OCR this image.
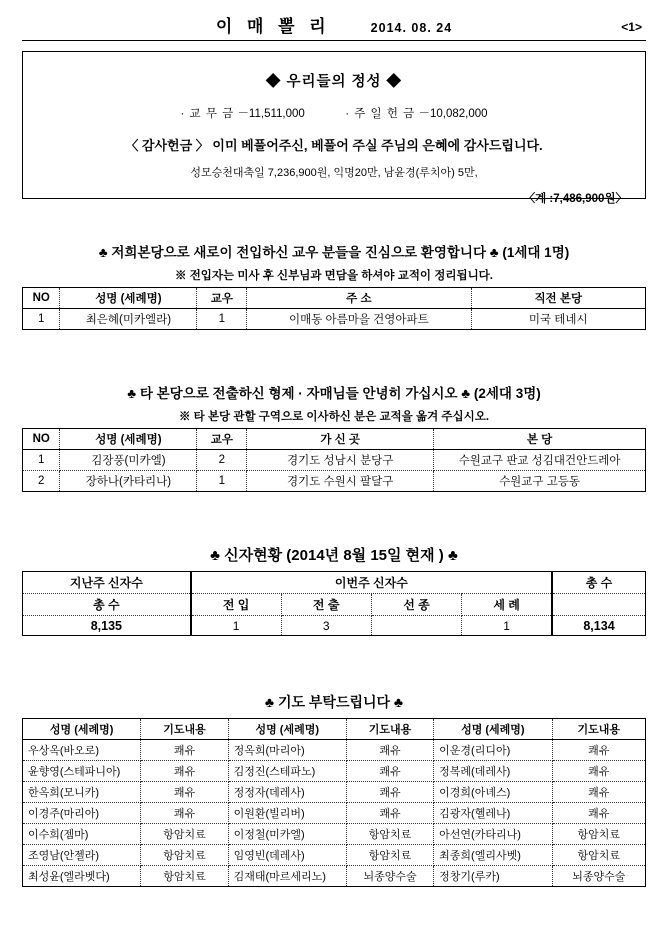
이 매 뽈 리	2014. 08. 24	<1>
◆ 우리들의 정성 ◆
· 교 무 금 －11,511,000	· 주 일 헌 금 －10,082,000
〈 감사헌금 〉 이미 베풀어주신, 베풀어 주실 주님의 은혜에 감사드립니다.
성모승천대축일 7,236,900원, 익명20만, 남윤경(루치아) 5만,
〈계 :7,486,900원〉
♣ 저희본당으로 새로이 전입하신 교우 분들을 진심으로 환영합니다 ♣ (1세대 1명)
※ 전입자는 미사 후 신부님과 면담을 하셔야 교적이 정리됩니다.
NO	성명 (세례명)	교우	주 소	직전 본당
1	최은혜(미카엘라)	1	이매동 아름마을 건영아파트	미국 테네시
♣ 타 본당으로 전출하신 형제 · 자매님들 안녕히 가십시오 ♣ (2세대 3명)
※ 타 본당 관할 구역으로 이사하신 분은 교적을 옮겨 주십시오.
NO	성명 (세례명)	교우	가 신 곳	본 당
1	김장풍(미카엘)	2	경기도 성남시 분당구	수원교구 판교 성김대건안드레아
2	장하나(카타리나)	1	경기도 수원시 팔달구	수원교구 고등동
♣ 신자현황 (2014년 8월 15일 현재 ) ♣
지난주 신자수	이번주 신자수				총 수
총 수	전 입	전 출	선 종	세 례	
8,135	1	3		1	8,134
♣ 기도 부탁드립니다 ♣
성명 (세례명)	기도내용	성명 (세례명)	기도내용	성명 (세례명)	기도내용
우상옥(바오로)	쾌유	정옥희(마리아)	쾌유	이운경(리디아)	쾌유
윤향영(스테파니아)	쾌유	김정진(스테파노)	쾌유	정복례(데레사)	쾌유
한옥희(모니카)	쾌유	정정자(데레사)	쾌유	이경희(아녜스)	쾌유
이경주(마리아)	쾌유	이원환(빌리버)	쾌유	김광자(헬레나)	쾌유
이수희(젬마)	항암치료	이정철(미카엘)	항암치료	아선연(카타리나)	항암치료
조영남(안젤라)	항암치료	임영빈(데레사)	항암치료	최종희(엘리사벳)	항암치료
최성윤(엘라벳다)	항암치료	김재태(마르세리노)	뇌종양수술	정창기(루카)	뇌종양수술
